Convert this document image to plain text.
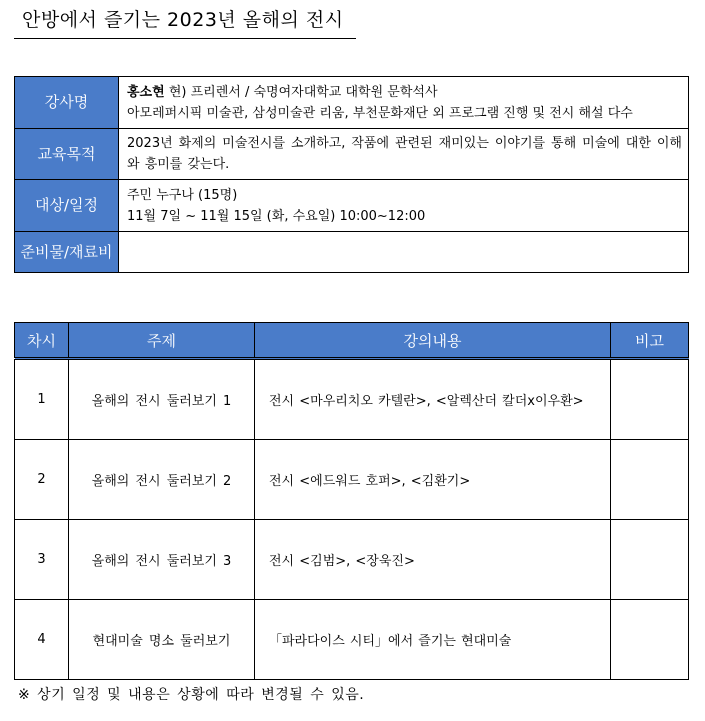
안방에서 즐기는 2023년 올해의 전시
강사명	홍소현 현) 프리렌서 / 숙명여자대학교 대학원 문학석사
아모레퍼시픽 미술관, 삼성미술관 리움, 부천문화재단 외 프로그램 진행 및 전시 해설 다수

교육목적	2023년 화제의 미술전시를 소개하고, 작품에 관련된 재미있는 이야기를 통해 미술에 대한 이해와 흥미를 갖는다.
대상/일정	주민 누구나 (15명)
11월 7일 ~ 11월 15일 (화, 수요일) 10:00~12:00

준비물/재료비	
차시	주제	강의내용	비고
1	올해의 전시 둘러보기 1	전시 <마우리치오 카텔란>, <알렉산더 칼더x이우환>	
2	올해의 전시 둘러보기 2	전시 <에드워드 호퍼>, <김환기>	
3	올해의 전시 둘러보기 3	전시 <김범>, <장욱진>	
4	현대미술 명소 둘러보기	「파라다이스 시티」에서 즐기는 현대미술	
※ 상기 일정 및 내용은 상황에 따라 변경될 수 있음.
